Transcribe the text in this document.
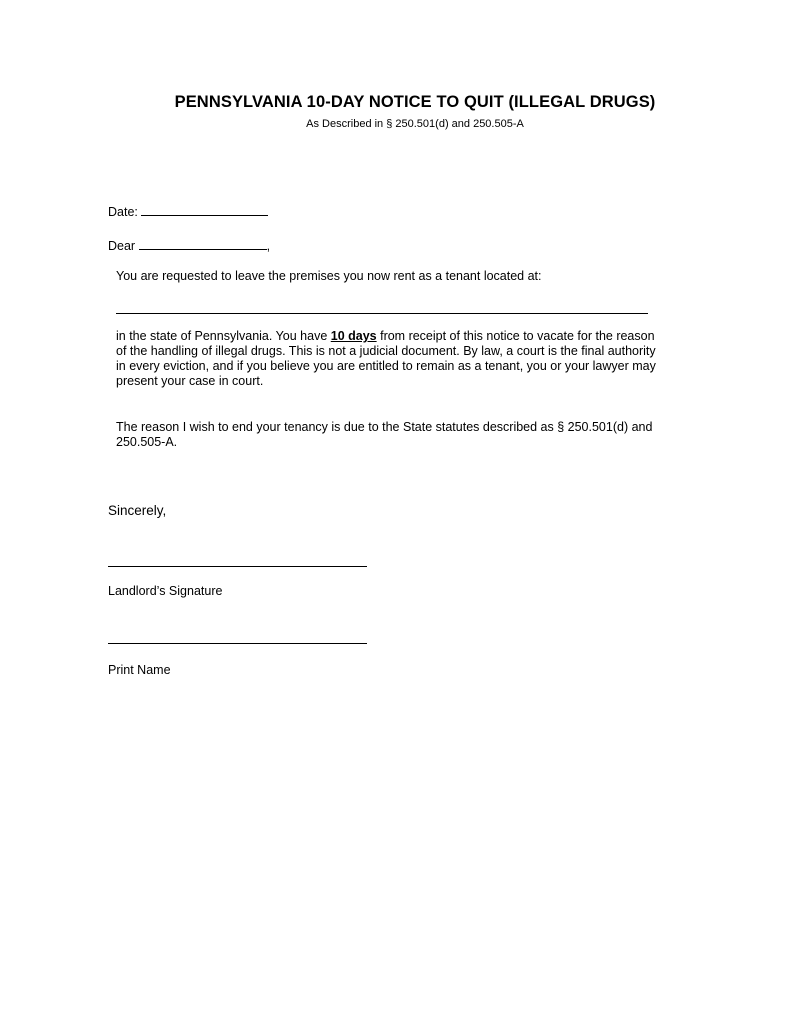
PENNSYLVANIA 10-DAY NOTICE TO QUIT (ILLEGAL DRUGS)
As Described in § 250.501(d) and 250.505-A
Date:
Dear	,
You are requested to leave the premises you now rent as a tenant located at:
in the state of Pennsylvania. You have 10 days from receipt of this notice to vacate for the reason of the handling of illegal drugs. This is not a judicial document. By law, a court is the final authority in every eviction, and if you believe you are entitled to remain as a tenant, you or your lawyer may present your case in court.
The reason I wish to end your tenancy is due to the State statutes described as § 250.501(d) and 250.505-A.
Sincerely,
Landlord’s Signature
Print Name
